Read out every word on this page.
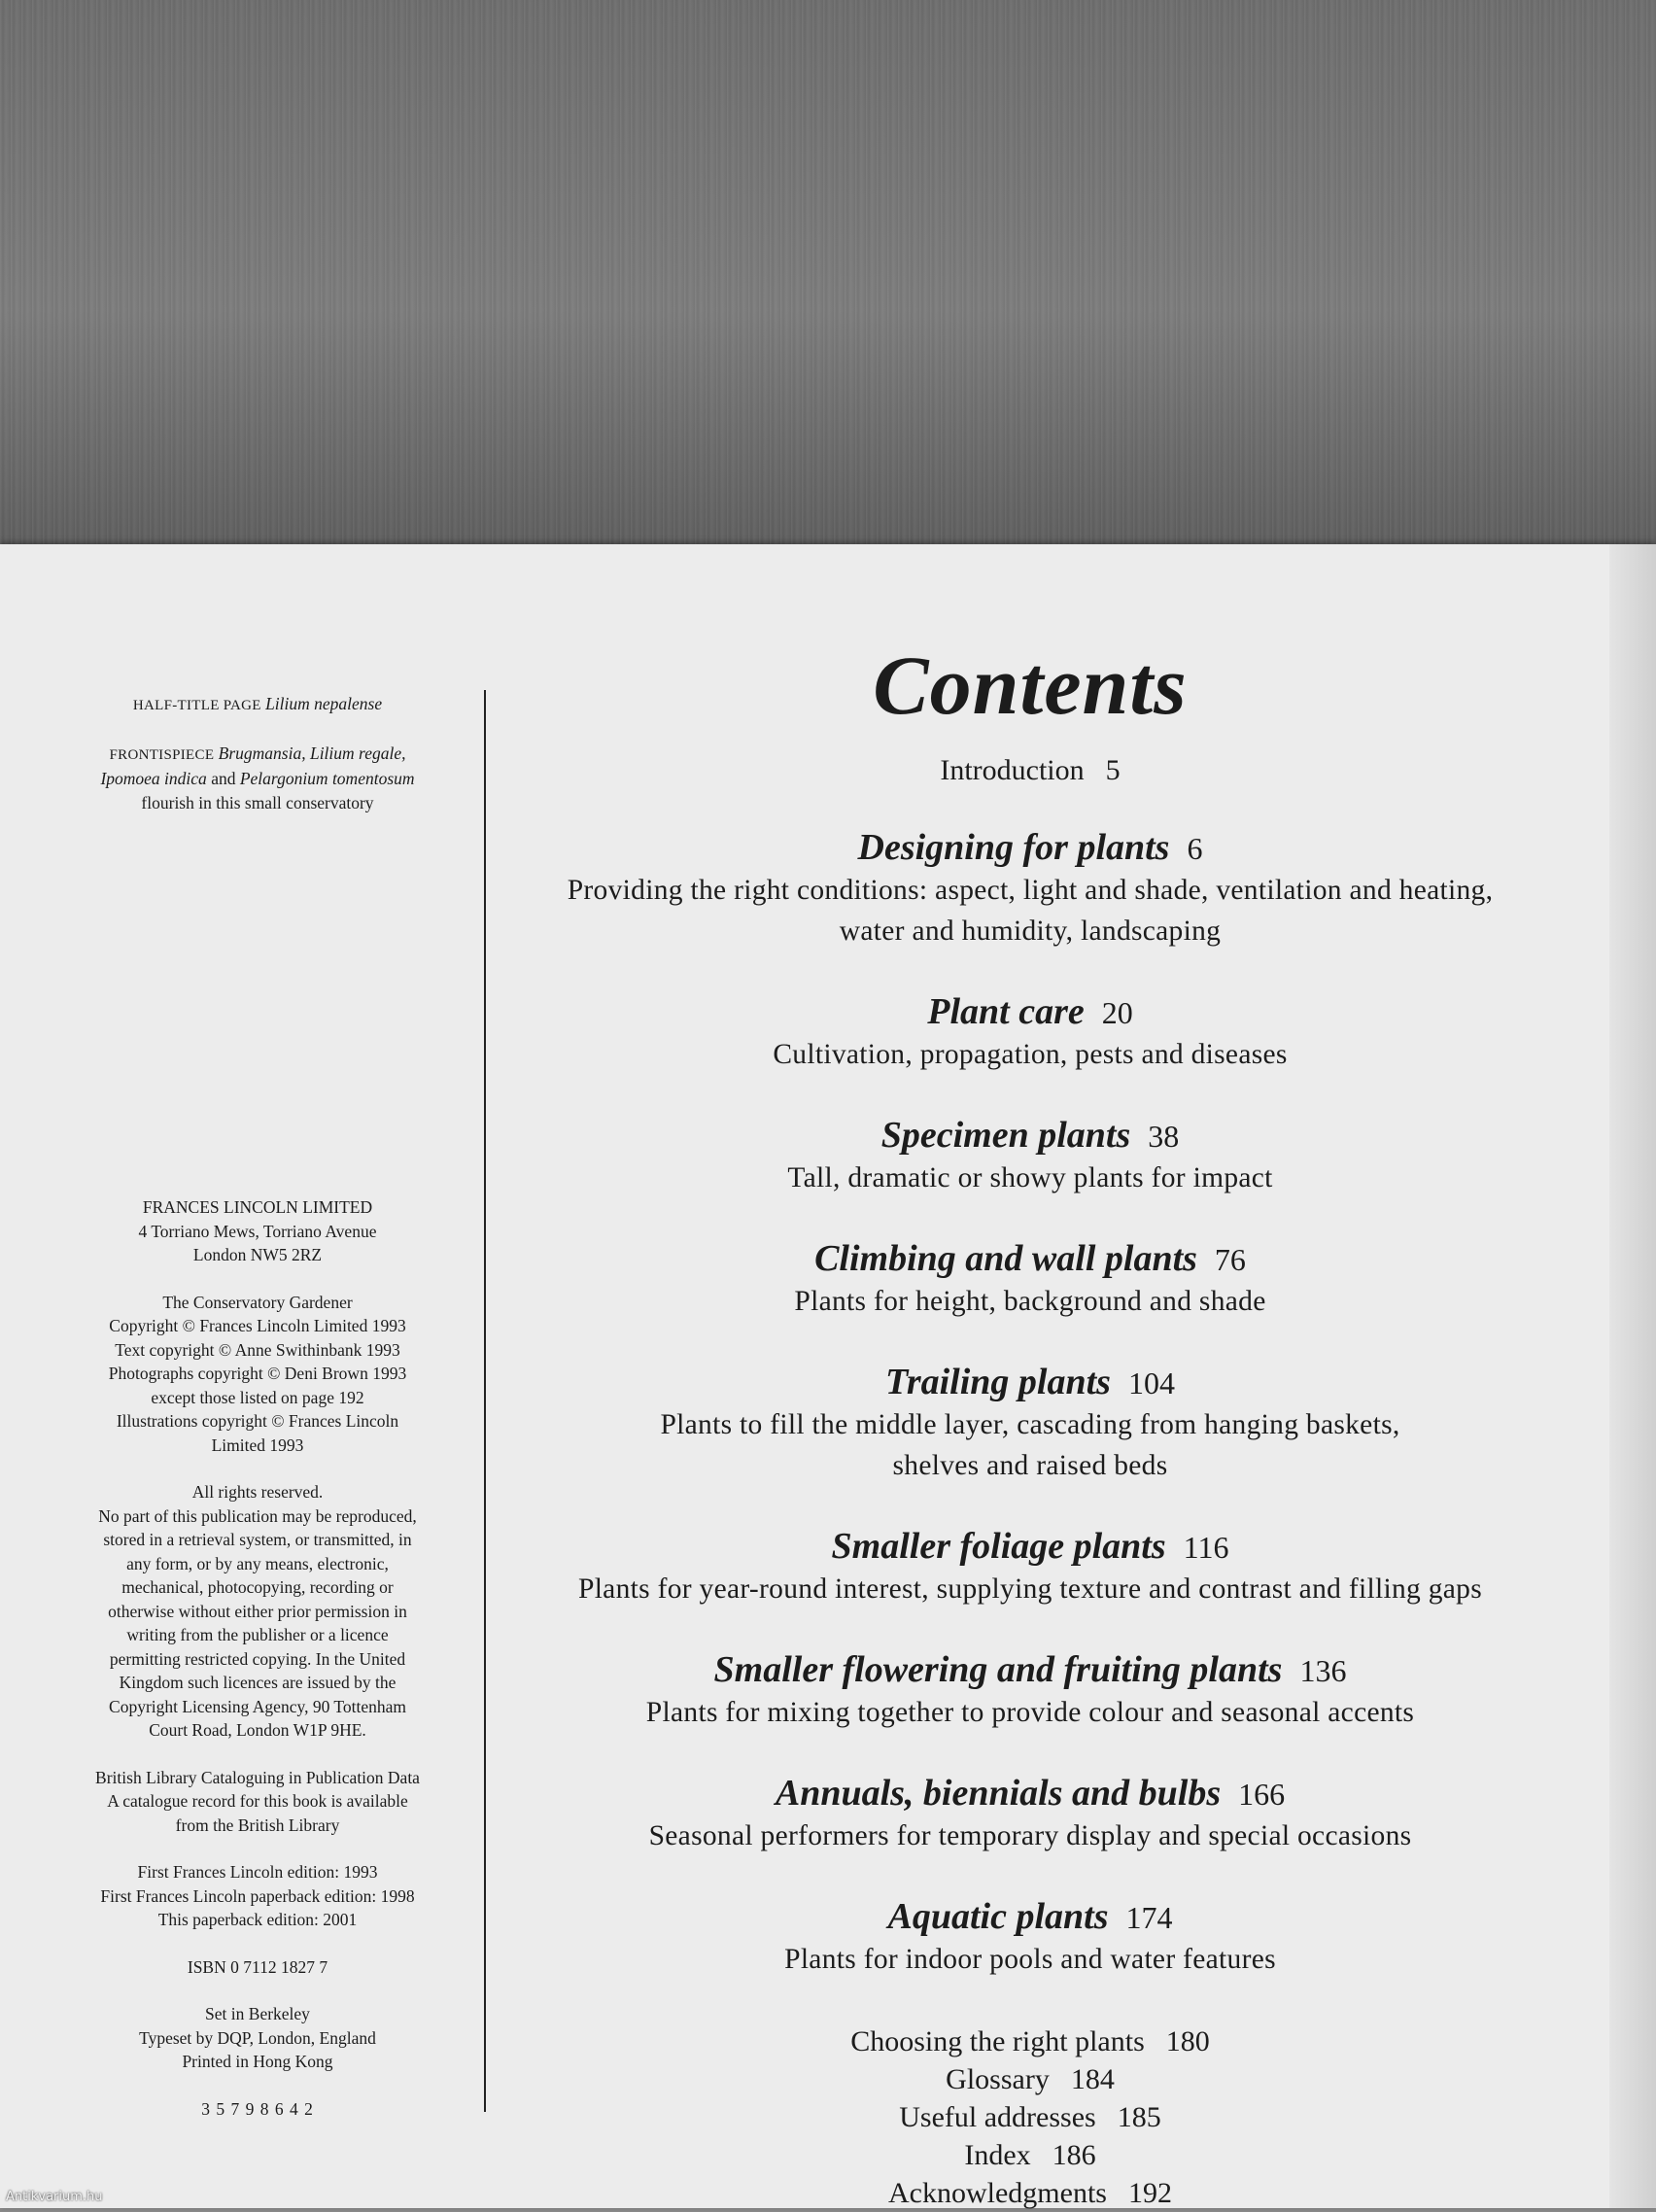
HALF-TITLE PAGE Lilium nepalense

FRONTISPIECE Brugmansia, Lilium regale,

Ipomoea indica and Pelargonium tomentosum

flourish in this small conservatory

FRANCES LINCOLN LIMITED

4 Torriano Mews, Torriano Avenue

London NW5 2RZ

The Conservatory Gardener

Copyright © Frances Lincoln Limited 1993

Text copyright © Anne Swithinbank 1993

Photographs copyright © Deni Brown 1993

except those listed on page 192

Illustrations copyright © Frances Lincoln

Limited 1993

All rights reserved.

No part of this publication may be reproduced,

stored in a retrieval system, or transmitted, in

any form, or by any means, electronic,

mechanical, photocopying, recording or

otherwise without either prior permission in

writing from the publisher or a licence

permitting restricted copying. In the United

Kingdom such licences are issued by the

Copyright Licensing Agency, 90 Tottenham

Court Road, London W1P 9HE.

British Library Cataloguing in Publication Data

A catalogue record for this book is available

from the British Library

First Frances Lincoln edition: 1993

First Frances Lincoln paperback edition: 1998

This paperback edition: 2001

ISBN 0 7112 1827 7

Set in Berkeley

Typeset by DQP, London, England

Printed in Hong Kong

3 5 7 9 8 6 4 2

Contents
Introduction 5
Designing for plants 6
Providing the right conditions: aspect, light and shade, ventilation and heating,
water and humidity, landscaping
Plant care 20
Cultivation, propagation, pests and diseases
Specimen plants 38
Tall, dramatic or showy plants for impact
Climbing and wall plants 76
Plants for height, background and shade
Trailing plants 104
Plants to fill the middle layer, cascading from hanging baskets,
shelves and raised beds
Smaller foliage plants 116
Plants for year-round interest, supplying texture and contrast and filling gaps
Smaller flowering and fruiting plants 136
Plants for mixing together to provide colour and seasonal accents
Annuals, biennials and bulbs 166
Seasonal performers for temporary display and special occasions
Aquatic plants 174
Plants for indoor pools and water features
Choosing the right plants 180
Glossary 184
Useful addresses 185
Index 186
Acknowledgments 192
Antikvarium.hu
